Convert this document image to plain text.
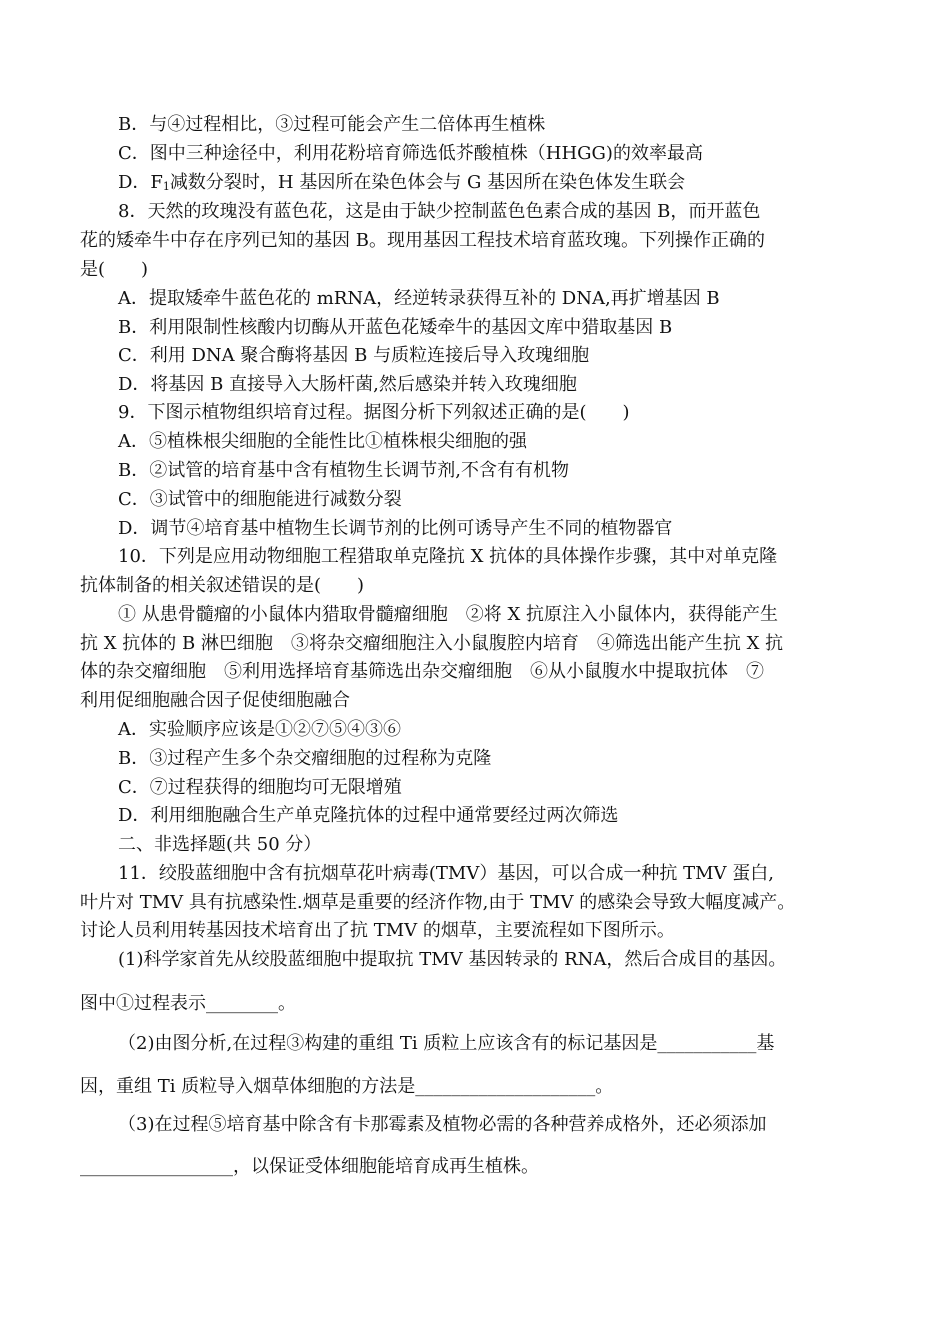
B．与④过程相比，③过程可能会产生二倍体再生植株
C．图中三种途径中，利用花粉培育筛选低芥酸植株（HHGG)的效率最高
D．$F_1$减数分裂时，H 基因所在染色体会与 G 基因所在染色体发生联会
8．天然的玫瑰没有蓝色花，这是由于缺少控制蓝色色素合成的基因 B，而开蓝色
花的矮牵牛中存在序列已知的基因 B。现用基因工程技术培育蓝玫瑰。下列操作正确的
是(　　)
A．提取矮牵牛蓝色花的 mRNA，经逆转录获得互补的 DNA,再扩增基因 B
B．利用限制性核酸内切酶从开蓝色花矮牵牛的基因文库中猎取基因 B
C．利用 DNA 聚合酶将基因 B 与质粒连接后导入玫瑰细胞
D．将基因 B 直接导入大肠杆菌,然后感染并转入玫瑰细胞
9．下图示植物组织培育过程。据图分析下列叙述正确的是(　　)
A．⑤植株根尖细胞的全能性比①植株根尖细胞的强
B．②试管的培育基中含有植物生长调节剂,不含有有机物
C．③试管中的细胞能进行减数分裂
D．调节④培育基中植物生长调节剂的比例可诱导产生不同的植物器官
10．下列是应用动物细胞工程猎取单克隆抗 X 抗体的具体操作步骤，其中对单克隆
抗体制备的相关叙述错误的是(　　)
① 从患骨髓瘤的小鼠体内猎取骨髓瘤细胞　②将 X 抗原注入小鼠体内，获得能产生
抗 X 抗体的 B 淋巴细胞　③将杂交瘤细胞注入小鼠腹腔内培育　④筛选出能产生抗 X 抗
体的杂交瘤细胞　⑤利用选择培育基筛选出杂交瘤细胞　⑥从小鼠腹水中提取抗体　⑦
利用促细胞融合因子促使细胞融合
A．实验顺序应该是①②⑦⑤④③⑥
B．③过程产生多个杂交瘤细胞的过程称为克隆
C．⑦过程获得的细胞均可无限增殖
D．利用细胞融合生产单克隆抗体的过程中通常要经过两次筛选
二、非选择题(共 50 分）
11．绞股蓝细胞中含有抗烟草花叶病毒(TMV）基因，可以合成一种抗 TMV 蛋白,
叶片对 TMV 具有抗感染性.烟草是重要的经济作物,由于 TMV 的感染会导致大幅度减产。
讨论人员利用转基因技术培育出了抗 TMV 的烟草，主要流程如下图所示。
(1)科学家首先从绞股蓝细胞中提取抗 TMV 基因转录的 RNA，然后合成目的基因。
图中①过程表示________。
（2)由图分析,在过程③构建的重组 Ti 质粒上应该含有的标记基因是___________基
因，重组 Ti 质粒导入烟草体细胞的方法是____________________。
（3)在过程⑤培育基中除含有卡那霉素及植物必需的各种营养成格外，还必须添加
_________________，以保证受体细胞能培育成再生植株。
